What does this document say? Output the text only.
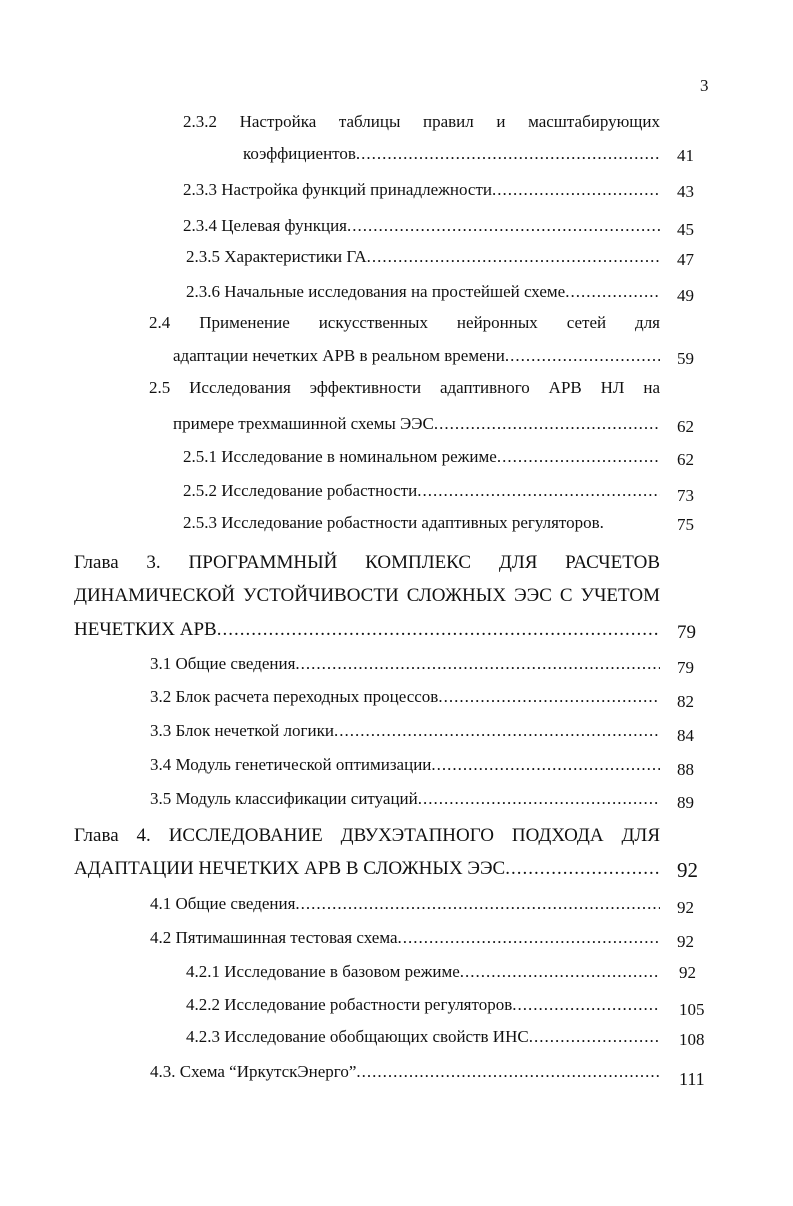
3
2.3.2 Настройка таблицы правил и масштабирующих
коэффициентов .....	41
2.3.3 Настройка функций принадлежности .....	43
2.3.4 Целевая функция .....	45
2.3.5 Характеристики ГА .....	47
2.3.6 Начальные исследования на простейшей схеме .....	49
2.4 Применение искусственных нейронных сетей для
адаптации нечетких АРВ в реальном времени .....	59
2.5 Исследования эффективности адаптивного АРВ НЛ на
примере трехмашинной схемы ЭЭС .....	62
2.5.1 Исследование в номинальном режиме .....	62
2.5.2 Исследование робастности .....	73
2.5.3 Исследование робастности адаптивных регуляторов.	75
Глава 3. ПРОГРАММНЫЙ КОМПЛЕКС ДЛЯ РАСЧЕТОВ
ДИНАМИЧЕСКОЙ УСТОЙЧИВОСТИ СЛОЖНЫХ ЭЭС С УЧЕТОМ
НЕЧЕТКИХ АРВ .....	79
3.1 Общие сведения .....	79
3.2 Блок расчета переходных процессов .....	82
3.3 Блок нечеткой логики .....	84
3.4 Модуль генетической оптимизации .....	88
3.5 Модуль классификации ситуаций .....	89
Глава 4. ИССЛЕДОВАНИЕ ДВУХЭТАПНОГО ПОДХОДА ДЛЯ
АДАПТАЦИИ НЕЧЕТКИХ АРВ В СЛОЖНЫХ ЭЭС .....	92
4.1 Общие сведения .....	92
4.2 Пятимашинная тестовая схема .....	92
4.2.1 Исследование в базовом режиме .....	92
4.2.2 Исследование робастности регуляторов .....	105
4.2.3 Исследование обобщающих свойств ИНС .....	108
4.3. Схема “ИркутскЭнерго” .....	111
